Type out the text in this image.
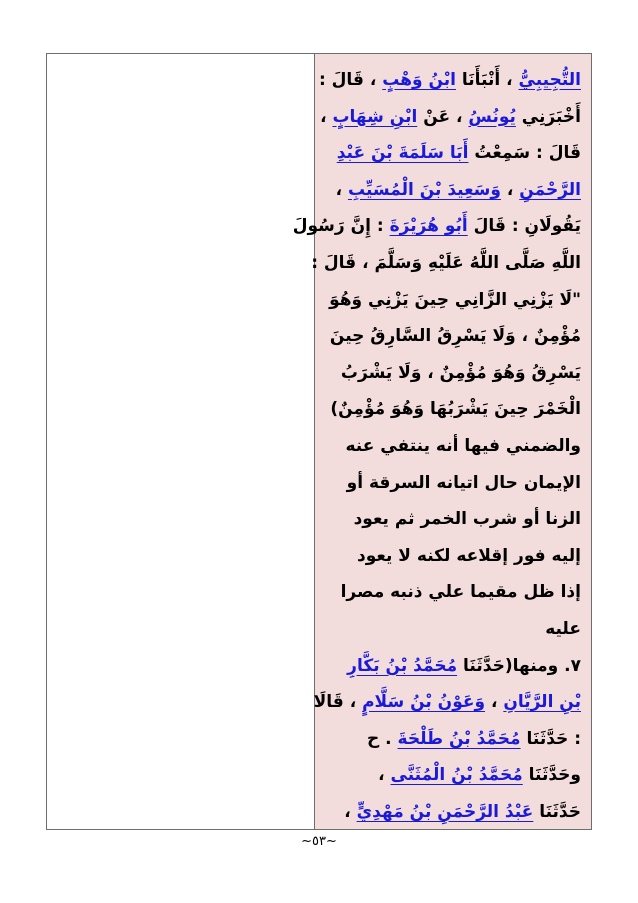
التُّجِيبِيُّ ، أَنْبَأَنَا ابْنُ وَهْبٍ ، قَالَ :
أَخْبَرَنِي يُونُسُ ، عَنْ ابْنِ شِهَابٍ ،
قَالَ : سَمِعْتُ أَبَا سَلَمَةَ بْنَ عَبْدِ
الرَّحْمَنِ ، وَسَعِيدَ بْنَ الْمُسَيِّبِ ،
يَقُولَانِ : قَالَ أَبُو هُرَيْرَةَ : إِنَّ رَسُولَ
اللَّهِ صَلَّى اللَّهُ عَلَيْهِ وَسَلَّمَ ، قَالَ :
"لَا يَزْنِي الزَّانِي حِينَ يَزْنِي وَهُوَ
مُؤْمِنٌ ، وَلَا يَسْرِقُ السَّارِقُ حِينَ
يَسْرِقُ وَهُوَ مُؤْمِنٌ ، وَلَا يَشْرَبُ
الْخَمْرَ حِينَ يَشْرَبُهَا وَهُوَ مُؤْمِنٌ)
والضمني فيها أنه ينتفي عنه
الإيمان حال اتيانه السرقة أو
الزنا أو شرب الخمر ثم يعود
إليه فور إقلاعه لكنه لا يعود
إذا ظل مقيما علي ذنبه مصرا
عليه
٧. ومنها(حَدَّثَنَا مُحَمَّدُ بْنُ بَكَّارِ
بْنِ الرَّيَّانِ ، وَعَوْنُ بْنُ سَلَّامٍ ، قَالَا
: حَدَّثَنَا مُحَمَّدُ بْنُ طَلْحَةَ . ح
وحَدَّثَنَا مُحَمَّدُ بْنُ الْمُثَنَّى ،
حَدَّثَنَا عَبْدُ الرَّحْمَنِ بْنُ مَهْدِيٍّ ،
~٥٣~
